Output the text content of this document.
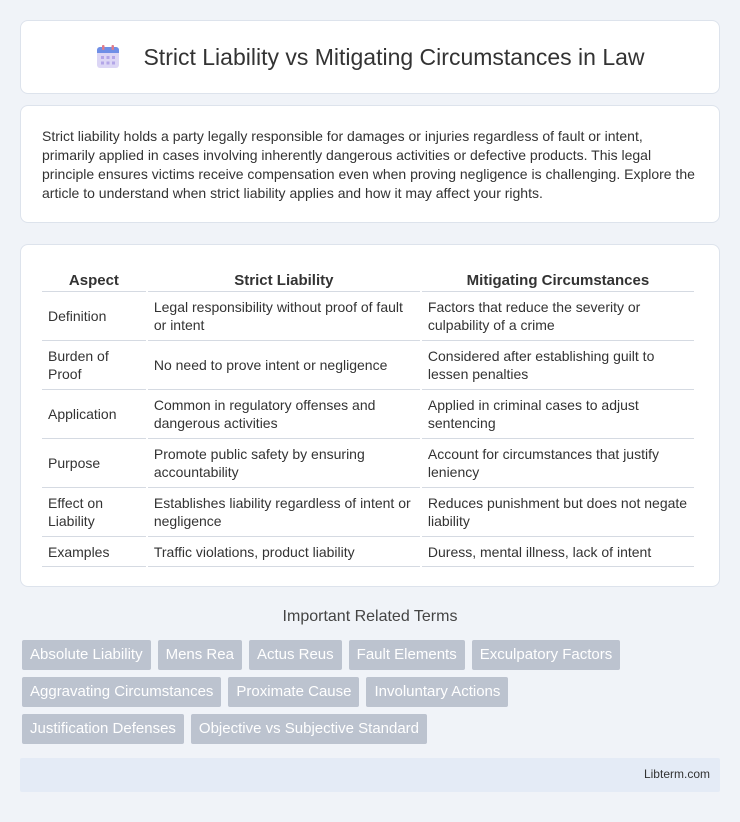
Strict Liability vs Mitigating Circumstances in Law

Strict liability holds a party legally responsible for damages or injuries regardless of fault or intent, primarily applied in cases involving inherently dangerous activities or defective products. This legal principle ensures victims receive compensation even when proving negligence is challenging. Explore the article to understand when strict liability applies and how it may affect your rights.

Aspect	Strict Liability	Mitigating Circumstances
Definition	Legal responsibility without proof of fault or intent	Factors that reduce the severity or culpability of a crime
Burden of Proof	No need to prove intent or negligence	Considered after establishing guilt to lessen penalties
Application	Common in regulatory offenses and dangerous activities	Applied in criminal cases to adjust sentencing
Purpose	Promote public safety by ensuring accountability	Account for circumstances that justify leniency
Effect on Liability	Establishes liability regardless of intent or negligence	Reduces punishment but does not negate liability
Examples	Traffic violations, product liability	Duress, mental illness, lack of intent
Important Related Terms
Absolute Liability	Mens Rea	Actus Reus	Fault Elements	Exculpatory Factors
Aggravating Circumstances	Proximate Cause	Involuntary Actions
Justification Defenses	Objective vs Subjective Standard
Libterm.com
